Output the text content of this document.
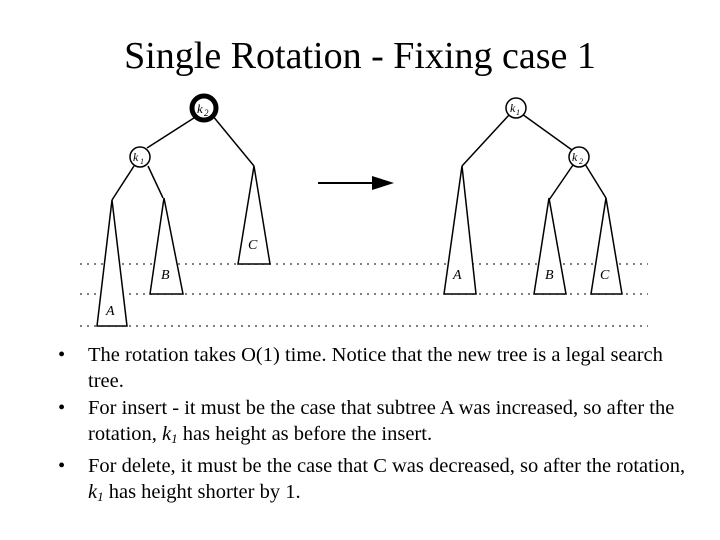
Single Rotation - Fixing case 1
k 2
k 1
A
B
C
k 1
k 2
A	B	C
•	The rotation takes O(1) time. Notice that the new tree is a legal search tree.
•	For insert - it must be the case that subtree A was increased, so after the rotation, $k_1$ has height as before the insert.
•	For delete, it must be the case that C was decreased, so after the rotation, $k_1$ has height shorter by 1.
